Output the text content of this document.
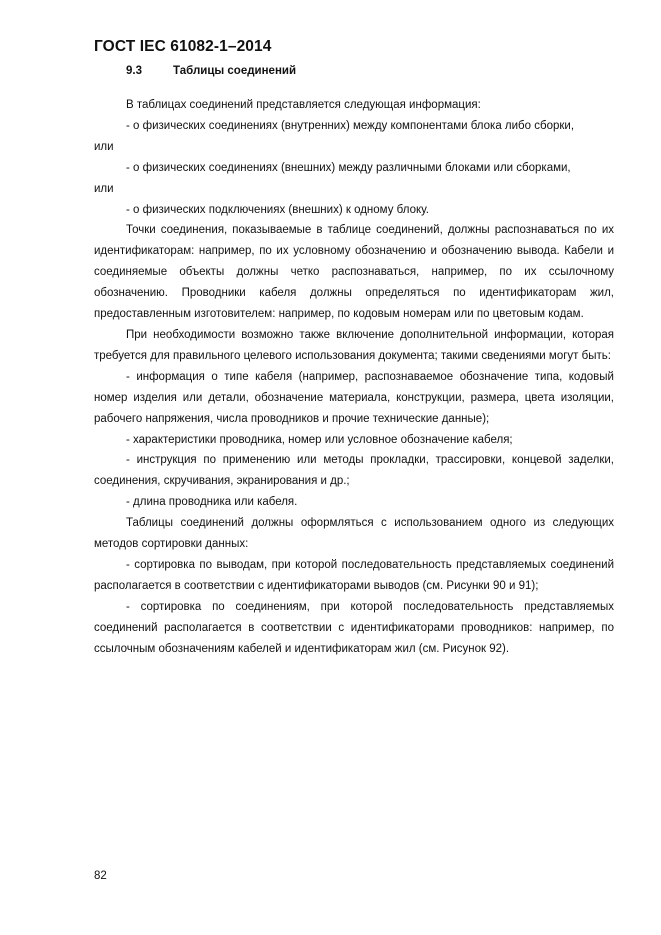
ГОСТ IEC 61082-1–2014
9.3	Таблицы соединений

В таблицах соединений представляется следующая информация:

- о физических соединениях (внутренних) между компонентами блока либо сборки,

или

- о физических соединениях (внешних) между различными блоками или сборками,

или

- о физических подключениях (внешних) к одному блоку.

Точки соединения, показываемые в таблице соединений, должны распознаваться по их идентификаторам: например, по их условному обозначению и обозначению вывода. Кабели и соединяемые объекты должны четко распознаваться, например, по их ссылочному обозначению. Проводники кабеля должны определяться по идентификаторам жил, предоставленным изготовителем: например, по кодовым номерам или по цветовым кодам.

При необходимости возможно также включение дополнительной информации, которая требуется для правильного целевого использования документа; такими сведениями могут быть:

- информация о типе кабеля (например, распознаваемое обозначение типа, кодовый номер изделия или детали, обозначение материала, конструкции, размера, цвета изоляции, рабочего напряжения, числа проводников и прочие технические данные);

- характеристики проводника, номер или условное обозначение кабеля;

- инструкция по применению или методы прокладки, трассировки, концевой заделки, соединения, скручивания, экранирования и др.;

- длина проводника или кабеля.

Таблицы соединений должны оформляться с использованием одного из следующих методов сортировки данных:

- сортировка по выводам, при которой последовательность представляемых соединений располагается в соответствии с идентификаторами выводов (см. Рисунки 90 и 91);

- сортировка по соединениям, при которой последовательность представляемых соединений располагается в соответствии с идентификаторами проводников: например, по ссылочным обозначениям кабелей и идентификаторам жил (см. Рисунок 92).

82
